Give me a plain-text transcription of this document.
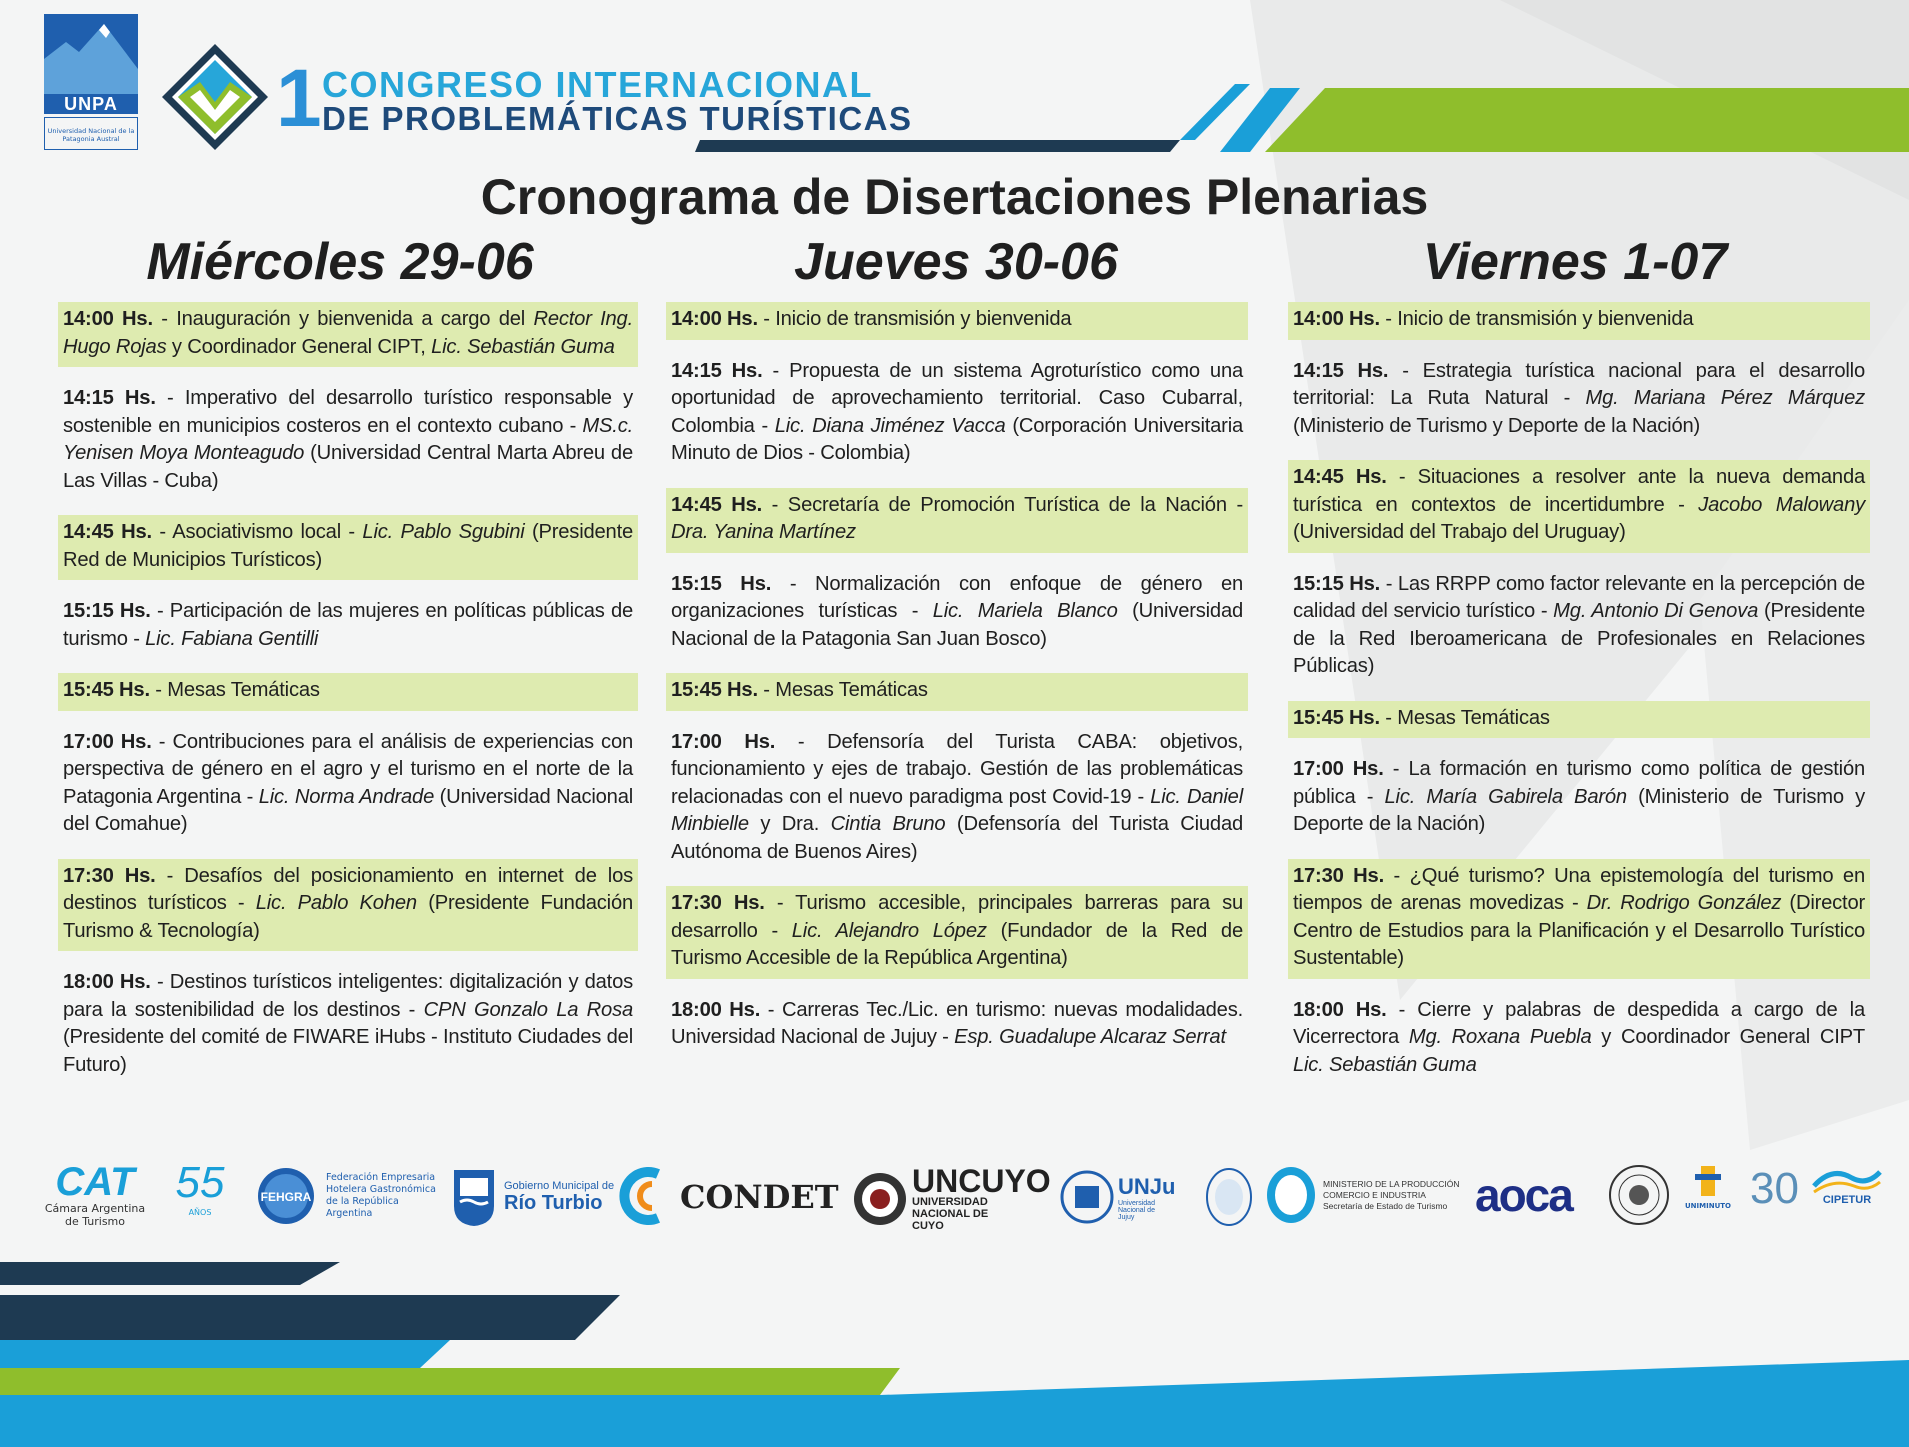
UNPA
Universidad Nacional de la Patagonia Austral 1 CONGRESO INTERNACIONAL
DE PROBLEMÁTICAS TURÍSTICAS
Cronograma de Disertaciones Plenarias
Miércoles 29-06	Jueves 30-06	Viernes 1-07
14:00 Hs. - Inauguración y bienvenida a cargo del Rector Ing. Hugo Rojas y Coordinador General CIPT, Lic. Sebastián Guma
14:15 Hs. - Imperativo del desarrollo turístico responsable y sostenible en municipios costeros en el contexto cubano - MS.c. Yenisen Moya Monteagudo (Universidad Central Marta Abreu de Las Villas - Cuba)
14:45 Hs. - Asociativismo local - Lic. Pablo Sgubini (Presidente Red de Municipios Turísticos)
15:15 Hs. - Participación de las mujeres en políticas públicas de turismo - Lic. Fabiana Gentilli
15:45 Hs. - Mesas Temáticas
17:00 Hs. - Contribuciones para el análisis de experiencias con perspectiva de género en el agro y el turismo en el norte de la Patagonia Argentina - Lic. Norma Andrade (Universidad Nacional del Comahue)
17:30 Hs. - Desafíos del posicionamiento en internet de los destinos turísticos - Lic. Pablo Kohen (Presidente Fundación Turismo & Tecnología)
18:00 Hs. - Destinos turísticos inteligentes: digitalización y datos para la sostenibilidad de los destinos - CPN Gonzalo La Rosa (Presidente del comité de FIWARE iHubs - Instituto Ciudades del Futuro)
14:00 Hs. - Inicio de transmisión y bienvenida
14:15 Hs. - Propuesta de un sistema Agroturístico como una oportunidad de aprovechamiento territorial. Caso Cubarral, Colombia - Lic. Diana Jiménez Vacca (Corporación Universitaria Minuto de Dios - Colombia)
14:45 Hs. - Secretaría de Promoción Turística de la Nación - Dra. Yanina Martínez
15:15 Hs. - Normalización con enfoque de género en organizaciones turísticas - Lic. Mariela Blanco (Universidad Nacional de la Patagonia San Juan Bosco)
15:45 Hs. - Mesas Temáticas
17:00 Hs. - Defensoría del Turista CABA: objetivos, funcionamiento y ejes de trabajo. Gestión de las problemáticas relacionadas con el nuevo paradigma post Covid-19 - Lic. Daniel Minbielle y Dra. Cintia Bruno (Defensoría del Turista Ciudad Autónoma de Buenos Aires)
17:30 Hs. - Turismo accesible, principales barreras para su desarrollo - Lic. Alejandro López (Fundador de la Red de Turismo Accesible de la República Argentina)
18:00 Hs. - Carreras Tec./Lic. en turismo: nuevas modalidades. Universidad Nacional de Jujuy - Esp. Guadalupe Alcaraz Serrat
14:00 Hs. - Inicio de transmisión y bienvenida
14:15 Hs. - Estrategia turística nacional para el desarrollo territorial: La Ruta Natural - Mg. Mariana Pérez Márquez (Ministerio de Turismo y Deporte de la Nación)
14:45 Hs. - Situaciones a resolver ante la nueva demanda turística en contextos de incertidumbre - Jacobo Malowany (Universidad del Trabajo del Uruguay)
15:15 Hs. - Las RRPP como factor relevante en la percepción de calidad del servicio turístico - Mg. Antonio Di Genova (Presidente de la Red Iberoamericana de Profesionales en Relaciones Públicas)
15:45 Hs. - Mesas Temáticas
17:00 Hs. - La formación en turismo como política de gestión pública - Lic. María Gabirela Barón (Ministerio de Turismo y Deporte de la Nación)
17:30 Hs. - ¿Qué turismo? Una epistemología del turismo en tiempos de arenas movedizas - Dr. Rodrigo González (Director Centro de Estudios para la Planificación y el Desarrollo Turístico Sustentable)
18:00 Hs. - Cierre y palabras de despedida a cargo de la Vicerrectora Mg. Roxana Puebla y Coordinador General CIPT Lic. Sebastián Guma
CAT
Cámara Argentina de Turismo
55
AÑOS
FEHGRA
Federación Empresaria Hotelera Gastronómica de la República Argentina
Gobierno Municipal de
Río Turbio	CONDET UNCUYO
UNIVERSIDAD NACIONAL DE CUYO
UNJu
Universidad Nacional de Jujuy
MINISTERIO DE LA PRODUCCIÓN
COMERCIO E INDUSTRIA
Secretaría de Estado de Turismo aoca	UNIMINUTO 30 CIPETUR
